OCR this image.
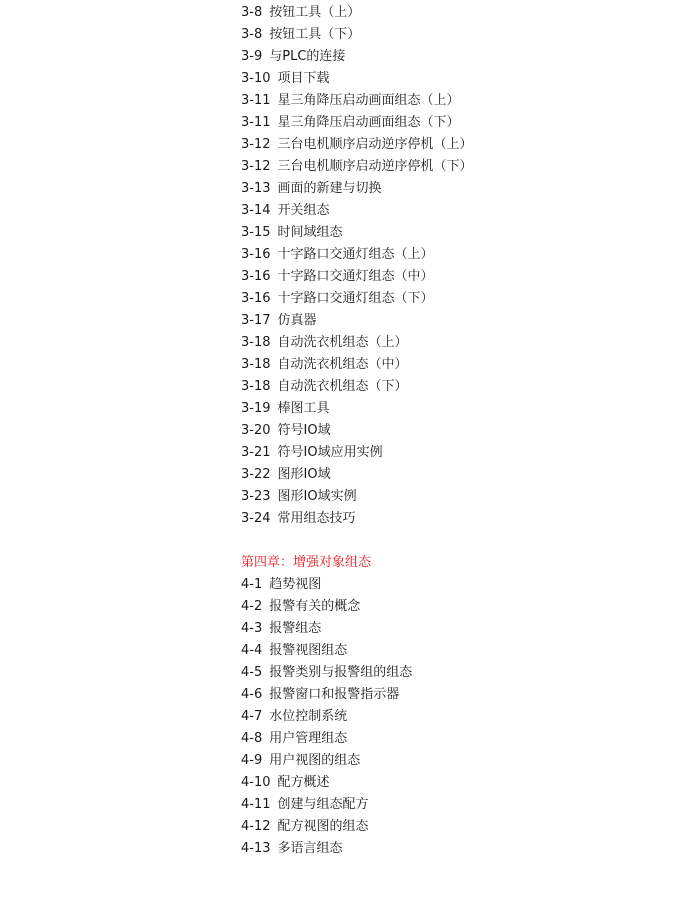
3-8 按钮工具（上）
3-8 按钮工具（下）
3-9 与PLC的连接
3-10 项目下载
3-11 星三角降压启动画面组态（上）
3-11 星三角降压启动画面组态（下）
3-12 三台电机顺序启动逆序停机（上）
3-12 三台电机顺序启动逆序停机（下）
3-13 画面的新建与切换
3-14 开关组态
3-15 时间域组态
3-16 十字路口交通灯组态（上）
3-16 十字路口交通灯组态（中）
3-16 十字路口交通灯组态（下）
3-17 仿真器
3-18 自动洗衣机组态（上）
3-18 自动洗衣机组态（中）
3-18 自动洗衣机组态（下）
3-19 棒图工具
3-20 符号IO域
3-21 符号IO域应用实例
3-22 图形IO域
3-23 图形IO域实例
3-24 常用组态技巧
第四章：增强对象组态
4-1 趋势视图
4-2 报警有关的概念
4-3 报警组态
4-4 报警视图组态
4-5 报警类别与报警组的组态
4-6 报警窗口和报警指示器
4-7 水位控制系统
4-8 用户管理组态
4-9 用户视图的组态
4-10 配方概述
4-11 创建与组态配方
4-12 配方视图的组态
4-13 多语言组态
